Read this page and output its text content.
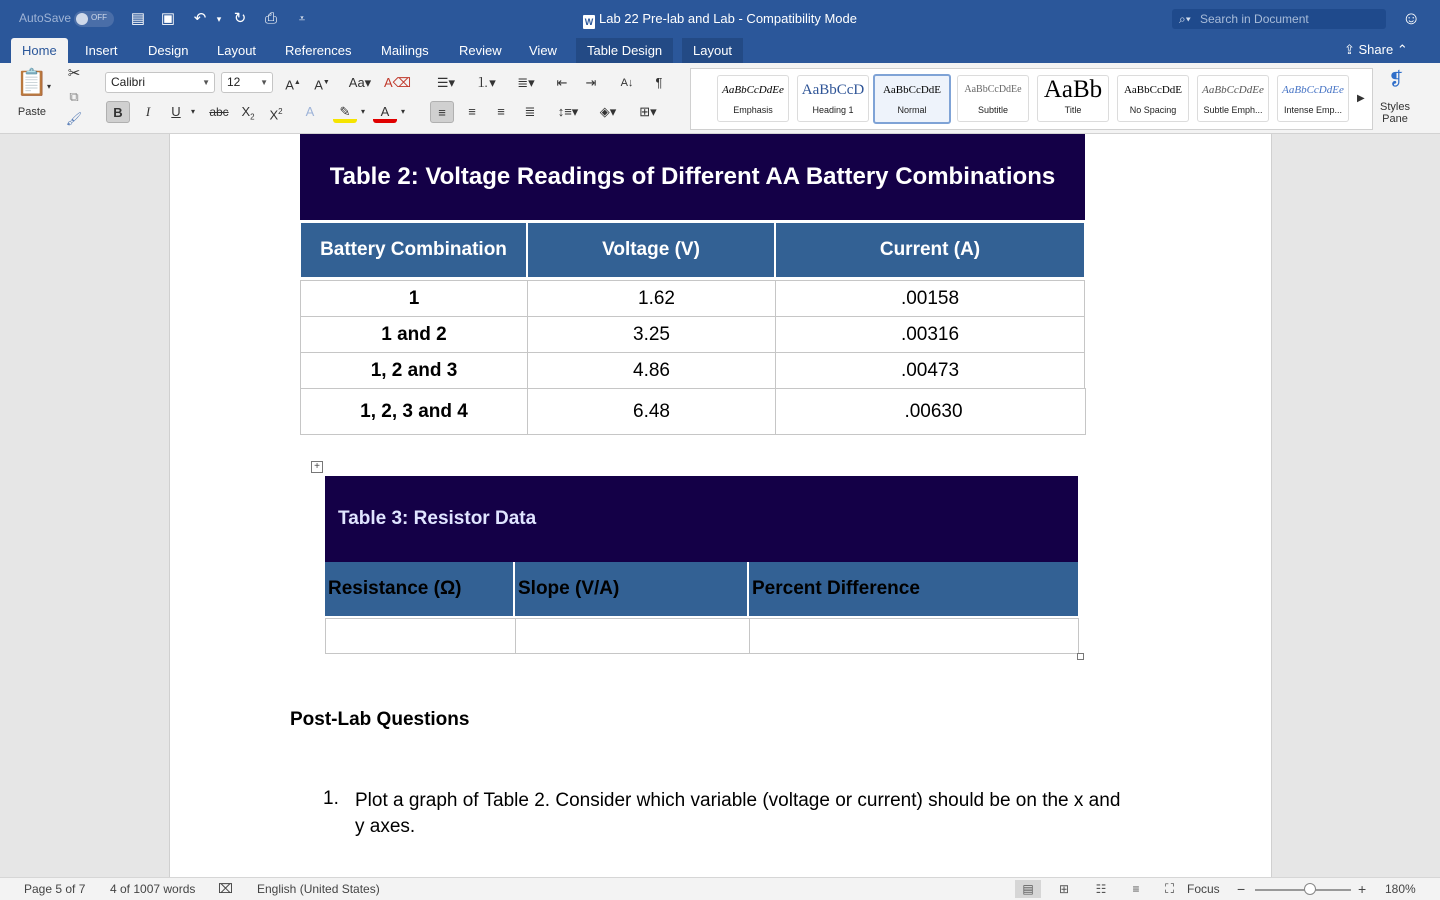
AutoSave OFF ▤ ▣ ↶	▾ ↻ ⎙	⩡	W Lab 22 Pre-lab and Lab - Compatibility Mode	⌕▾ Search in Document	☺
Home	Insert	Design	Layout	References	Mailings	Review	View	Table Design	Layout	⇪ Share ⌃
📋
▾
Paste
✂
⧉
🖌
Calibri	▼	12 ▼	A▲	A▼	Aa▾ A⌫
B	I	U	▾	abc $X_2$	$X^2$	A	✎	▾	A	▾
☰▾	⒈▾	≣▾	⇤	⇥	A↓	¶
≡	≡	≡	≣	↕≡▾	◈▾	⊞▾
AaBbCcDdEe
Emphasis
AaBbCcD
Heading 1
AaBbCcDdE
Normal
AaBbCcDdEe
Subtitle
AaBb
Title
AaBbCcDdE
No Spacing
AaBbCcDdEe
Subtle Emph...
AaBbCcDdEe
Intense Emp...
▶
❡
Styles Pane
Table 2: Voltage Readings of Different AA Battery Combinations
Battery Combination	Voltage (V)	Current (A)
1	1.62	.00158
1 and 2	3.25	.00316
1, 2 and 3	4.86	.00473
1, 2, 3 and 4	6.48	.00630
+
Table 3: Resistor Data
Resistance (Ω)	Slope (V/A)	Percent Difference
Post-Lab Questions
1. Plot a graph of Table 2. Consider which variable (voltage or current) should be on the x and y axes.
Page 5 of 7 4 of 1007 words ⌧ English (United States)	▤	⊞	☷	≡	⛶ Focus −	+ 180%
